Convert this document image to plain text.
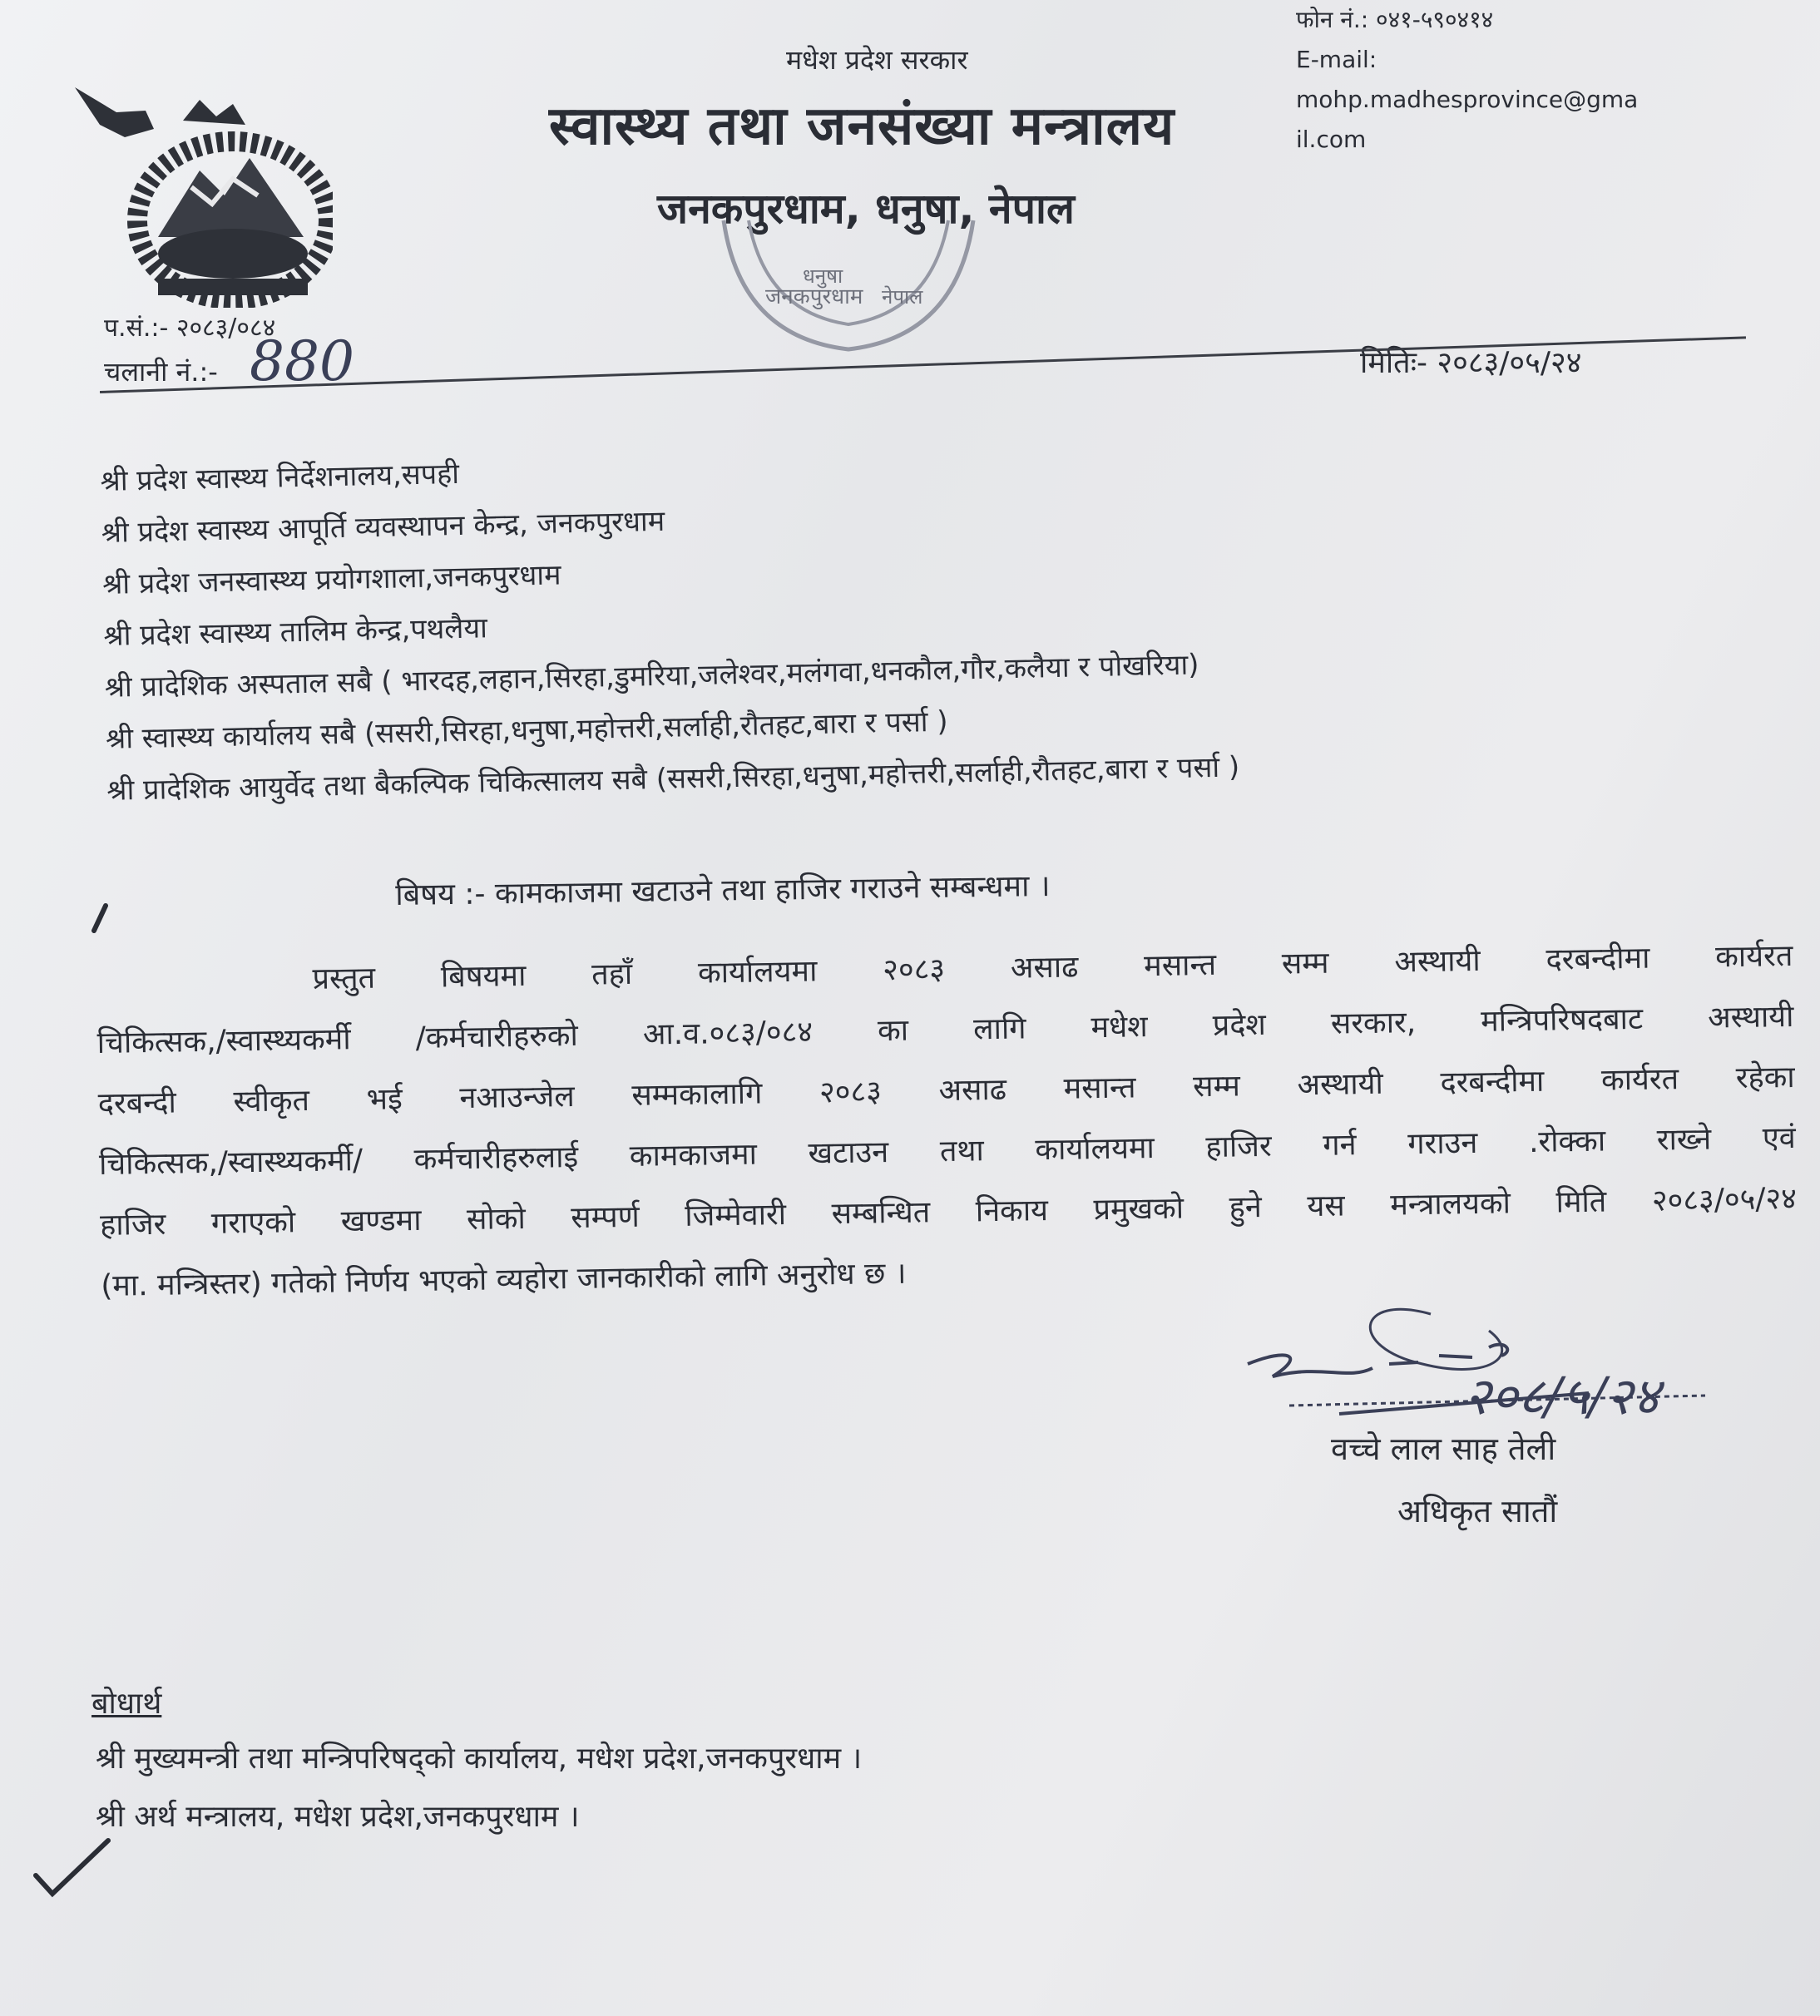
मधेश प्रदेश सरकार
स्वास्थ्य तथा जनसंख्या मन्त्रालय
जनकपुरधाम, धनुषा, नेपाल
जनकपुरधाम
धनुषा
नेपाल
फोन नं.: ०४१-५९०४१४
E-mail:
mohp.madhesprovince@gma
il.com
प.सं.:- २०८३/०८४
चलानी नं.:- 880	मितिः- २०८३/०५/२४
श्री प्रदेश स्वास्थ्य निर्देशनालय,सपही
श्री प्रदेश स्वास्थ्य आपूर्ति व्यवस्थापन केन्द्र, जनकपुरधाम
श्री प्रदेश जनस्वास्थ्य प्रयोगशाला,जनकपुरधाम
श्री प्रदेश स्वास्थ्य तालिम केन्द्र,पथलैया
श्री प्रादेशिक अस्पताल सबै ( भारदह,लहान,सिरहा,डुमरिया,जलेश्वर,मलंगवा,धनकौल,गौर,कलैया र पोखरिया)
श्री स्वास्थ्य कार्यालय सबै (ससरी,सिरहा,धनुषा,महोत्तरी,सर्लाही,रौतहट,बारा र पर्सा )
श्री प्रादेशिक आयुर्वेद तथा बैकल्पिक चिकित्सालय सबै (ससरी,सिरहा,धनुषा,महोत्तरी,सर्लाही,रौतहट,बारा र पर्सा )
बिषय :- कामकाजमा खटाउने तथा हाजिर गराउने सम्बन्धमा ।
प्रस्तुत बिषयमा तहाँ कार्यालयमा २०८३ असाढ मसान्त सम्म अस्थायी दरबन्दीमा कार्यरत
चिकित्सक,/स्वास्थ्यकर्मी /कर्मचारीहरुको आ.व.०८३/०८४ का लागि मधेश प्रदेश सरकार, मन्त्रिपरिषदबाट अस्थायी
दरबन्दी स्वीकृत भई नआउन्जेल सम्मकालागि २०८३ असाढ मसान्त सम्म अस्थायी दरबन्दीमा कार्यरत रहेका
चिकित्सक,/स्वास्थ्यकर्मी/ कर्मचारीहरुलाई कामकाजमा खटाउन तथा कार्यालयमा हाजिर गर्न गराउन .रोक्का राख्ने एवं
हाजिर गराएको खण्डमा सोको सम्पर्ण जिम्मेवारी सम्बन्धित निकाय प्रमुखको हुने यस मन्त्रालयको मिति २०८३/०५/२४
(मा. मन्त्रिस्तर) गतेको निर्णय भएको व्यहोरा जानकारीको लागि अनुरोध छ ।
२०८/५/२४
वच्चे लाल साह तेली
अधिकृत सातौं
बोधार्थ
श्री मुख्यमन्त्री तथा मन्त्रिपरिषद्को कार्यालय, मधेश प्रदेश,जनकपुरधाम ।
श्री अर्थ मन्त्रालय, मधेश प्रदेश,जनकपुरधाम ।
